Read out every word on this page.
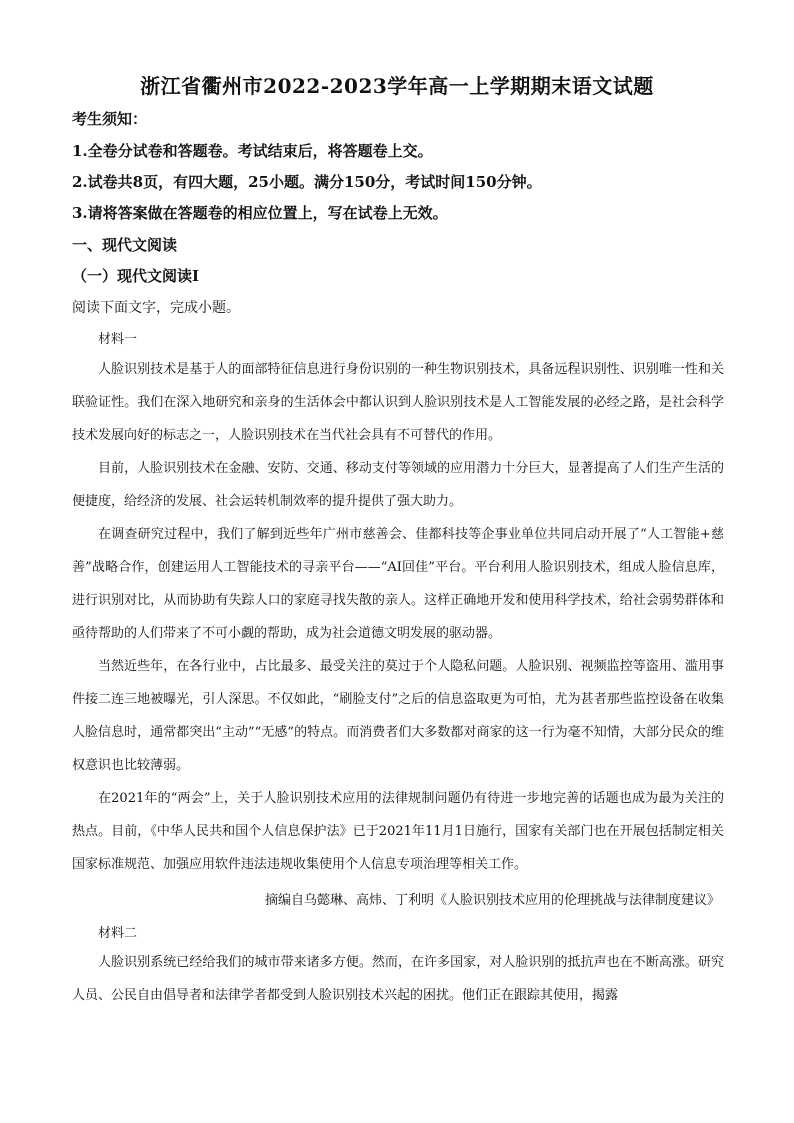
浙江省衢州市2022-2023学年高一上学期期末语文试题
考生须知：
1.全卷分试卷和答题卷。考试结束后，将答题卷上交。
2.试卷共8页，有四大题，25小题。满分150分，考试时间150分钟。
3.请将答案做在答题卷的相应位置上，写在试卷上无效。
一、现代文阅读
（一）现代文阅读Ⅰ
阅读下面文字，完成小题。
材料一
人脸识别技术是基于人的面部特征信息进行身份识别的一种生物识别技术，具备远程识别性、识别唯一性和关联验证性。我们在深入地研究和亲身的生活体会中都认识到人脸识别技术是人工智能发展的必经之路，是社会科学技术发展向好的标志之一，人脸识别技术在当代社会具有不可替代的作用。
目前，人脸识别技术在金融、安防、交通、移动支付等领域的应用潜力十分巨大，显著提高了人们生产生活的便捷度，给经济的发展、社会运转机制效率的提升提供了强大助力。
在调查研究过程中，我们了解到近些年广州市慈善会、佳都科技等企事业单位共同启动开展了“人工智能+慈善”战略合作，创建运用人工智能技术的寻亲平台——“AI回佳”平台。平台利用人脸识别技术，组成人脸信息库，进行识别对比，从而协助有失踪人口的家庭寻找失散的亲人。这样正确地开发和使用科学技术，给社会弱势群体和亟待帮助的人们带来了不可小觑的帮助，成为社会道德文明发展的驱动器。
当然近些年，在各行业中，占比最多、最受关注的莫过于个人隐私问题。人脸识别、视频监控等盗用、滥用事件接二连三地被曝光，引人深思。不仅如此，“刷脸支付”之后的信息盗取更为可怕，尤为甚者那些监控设备在收集人脸信息时，通常都突出“主动”“无感”的特点。而消费者们大多数都对商家的这一行为毫不知情，大部分民众的维权意识也比较薄弱。
在2021年的“两会”上，关于人脸识别技术应用的法律规制问题仍有待进一步地完善的话题也成为最为关注的热点。目前，《中华人民共和国个人信息保护法》已于2021年11月1日施行，国家有关部门也在开展包括制定相关国家标准规范、加强应用软件违法违规收集使用个人信息专项治理等相关工作。
摘编自乌懿琳、高炜、丁利明《人脸识别技术应用的伦理挑战与法律制度建议》
材料二
人脸识别系统已经给我们的城市带来诸多方便。然而，在许多国家，对人脸识别的抵抗声也在不断高涨。研究人员、公民自由倡导者和法律学者都受到人脸识别技术兴起的困扰。他们正在跟踪其使用，揭露
